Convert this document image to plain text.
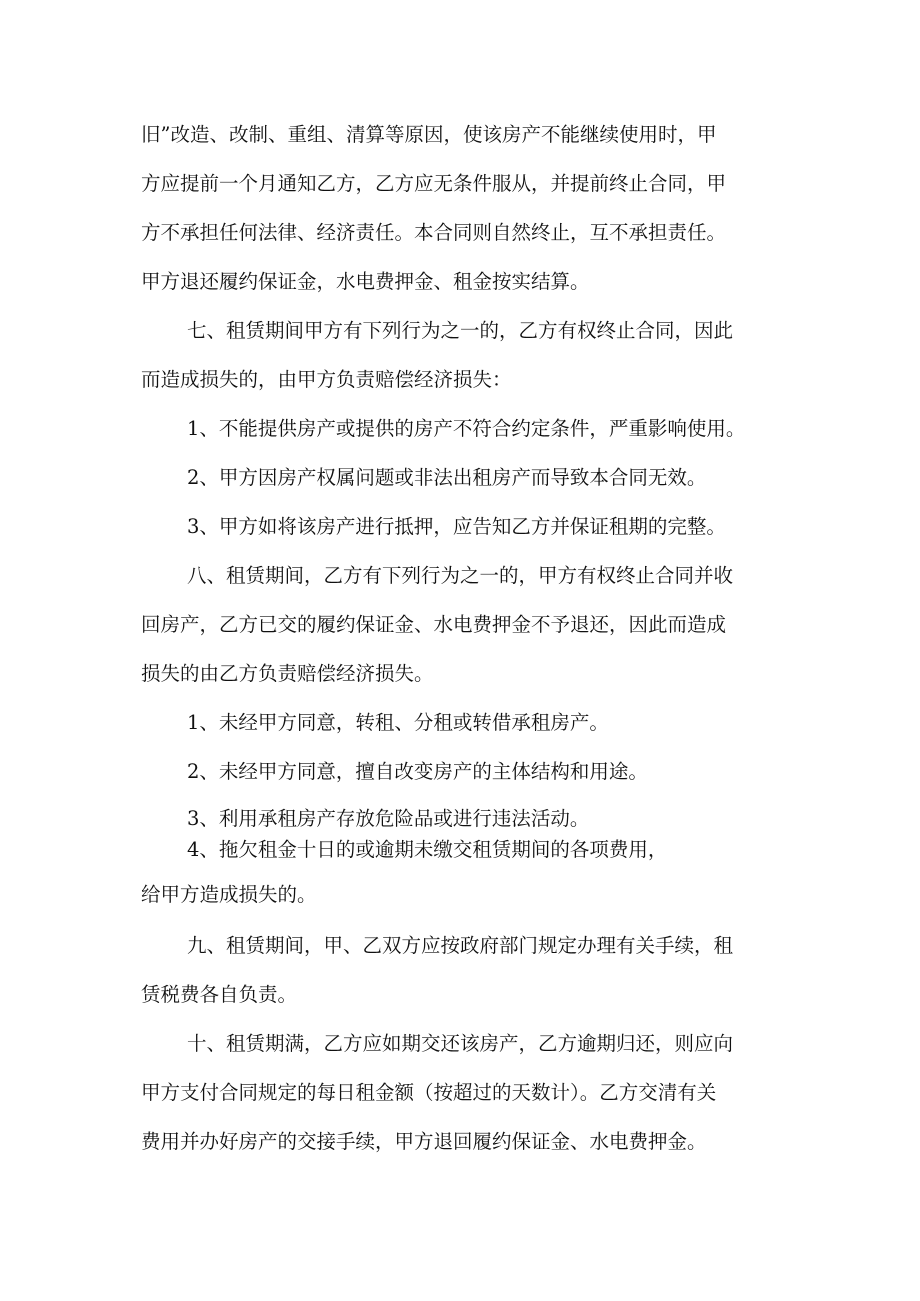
旧”改造、改制、重组、清算等原因，使该房产不能继续使用时，甲
方应提前一个月通知乙方，乙方应无条件服从，并提前终止合同，甲
方不承担任何法律、经济责任。本合同则自然终止，互不承担责任。
甲方退还履约保证金，水电费押金、租金按实结算。
七、租赁期间甲方有下列行为之一的，乙方有权终止合同，因此
而造成损失的，由甲方负责赔偿经济损失：
1、不能提供房产或提供的房产不符合约定条件，严重影响使用。
2、甲方因房产权属问题或非法出租房产而导致本合同无效。
3、甲方如将该房产进行抵押，应告知乙方并保证租期的完整。
八、租赁期间，乙方有下列行为之一的，甲方有权终止合同并收
回房产，乙方已交的履约保证金、水电费押金不予退还，因此而造成
损失的由乙方负责赔偿经济损失。
1、未经甲方同意，转租、分租或转借承租房产。
2、未经甲方同意，擅自改变房产的主体结构和用途。
3、利用承租房产存放危险品或进行违法活动。
4、拖欠租金十日的或逾期未缴交租赁期间的各项费用，
给甲方造成损失的。
九、租赁期间，甲、乙双方应按政府部门规定办理有关手续，租
赁税费各自负责。
十、租赁期满，乙方应如期交还该房产，乙方逾期归还，则应向
甲方支付合同规定的每日租金额（按超过的天数计）。乙方交清有关
费用并办好房产的交接手续，甲方退回履约保证金、水电费押金。
